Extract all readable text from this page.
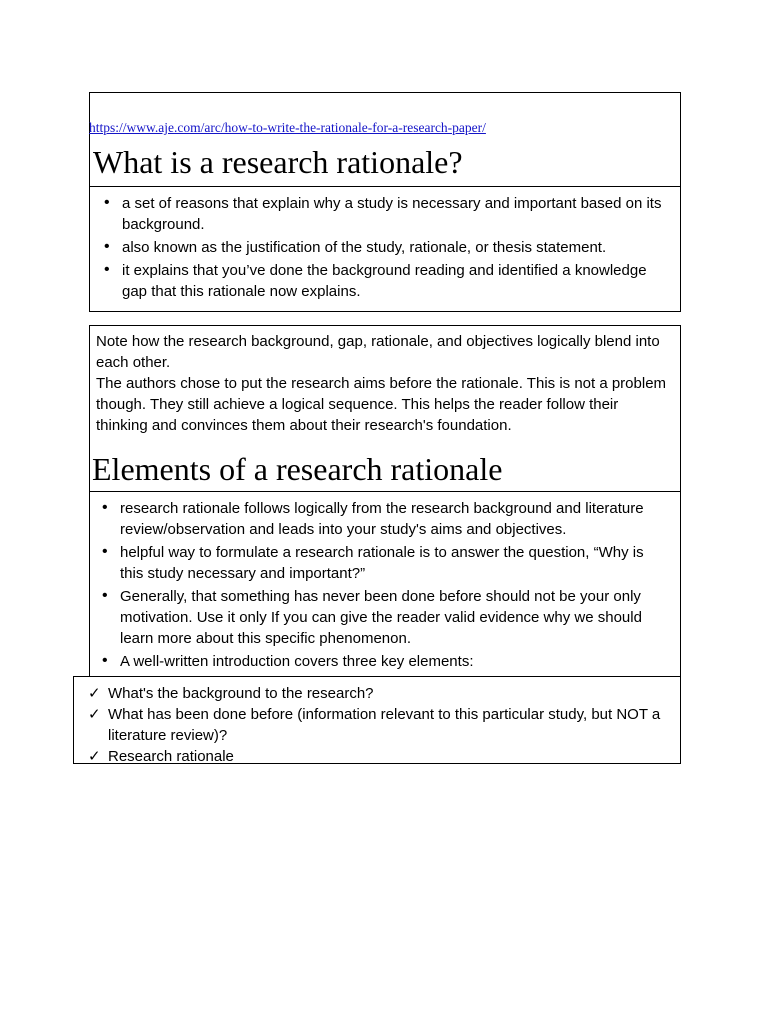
https://www.aje.com/arc/how-to-write-the-rationale-for-a-research-paper/
What is a research rationale?
• a set of reasons that explain why a study is necessary and important based on its background.
• also known as the justification of the study, rationale, or thesis statement.
• it explains that you’ve done the background reading and identified a knowledge gap that this rationale now explains.

Note how the research background, gap, rationale, and objectives logically blend into each other.

The authors chose to put the research aims before the rationale. This is not a problem though. They still achieve a logical sequence. This helps the reader follow their thinking and convinces them about their research's foundation.

Elements of a research rationale
• research rationale follows logically from the research background and literature review/observation and leads into your study's aims and objectives.
• helpful way to formulate a research rationale is to answer the question, “Why is this study necessary and important?”
• Generally, that something has never been done before should not be your only motivation. Use it only If you can give the reader valid evidence why we should learn more about this specific phenomenon.
• A well-written introduction covers three key elements:
✓ What's the background to the research?
✓ What has been done before (information relevant to this particular study, but NOT a literature review)?
✓ Research rationale
